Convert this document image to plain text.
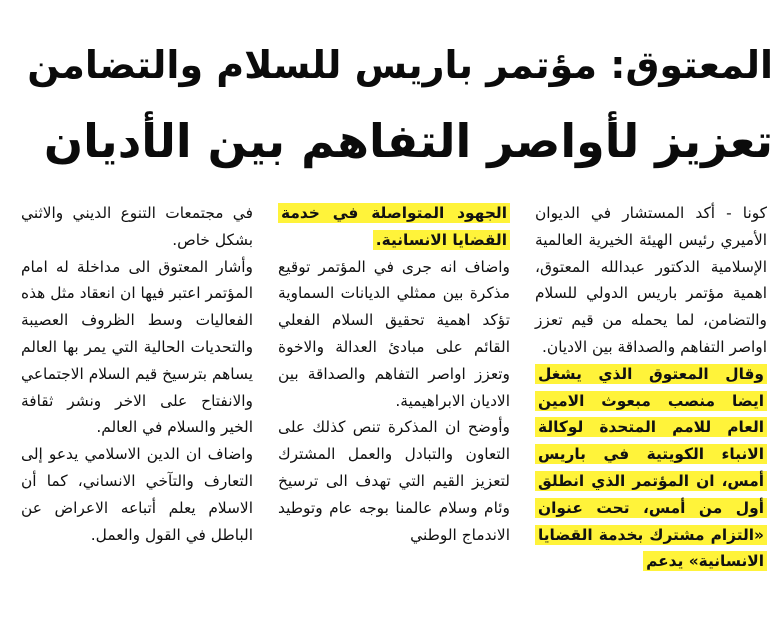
المعتوق: مؤتمر باريس للسلام والتضامن
تعزيز لأواصر التفاهم بين الأديان

كونا - أكد المستشار في الديوان الأميري رئيس الهيئة الخيرية العالمية الإسلامية الدكتور عبدالله المعتوق، اهمية مؤتمر باريس الدولي للسلام والتضامن، لما يحمله من قيم تعزز اواصر التفاهم والصداقة بين الاديان.

وقال المعتوق الذي يشغل ايضا منصب مبعوث الامين العام للامم المتحدة لوكالة الانباء الكويتية في باريس أمس، ان المؤتمر الذي انطلق أول من أمس، تحت عنوان «التزام مشترك بخدمة القضايا الانسانية» يدعم

الجهود المتواصلة في خدمة القضايا الانسانية.

واضاف انه جرى في المؤتمر توقيع مذكرة بين ممثلي الديانات السماوية تؤكد اهمية تحقيق السلام الفعلي القائم على مبادئ العدالة والاخوة وتعزز اواصر التفاهم والصداقة بين الاديان الابراهيمية.

وأوضح ان المذكرة تنص كذلك على التعاون والتبادل والعمل المشترك لتعزيز القيم التي تهدف الى ترسيخ وئام وسلام عالمنا بوجه عام وتوطيد الاندماج الوطني

في مجتمعات التنوع الديني والاثني بشكل خاص.

وأشار المعتوق الى مداخلة له امام المؤتمر اعتبر فيها ان انعقاد مثل هذه الفعاليات وسط الظروف العصيبة والتحديات الحالية التي يمر بها العالم يساهم بترسيخ قيم السلام الاجتماعي والانفتاح على الاخر ونشر ثقافة الخير والسلام في العالم.

واضاف ان الدين الاسلامي يدعو إلى التعارف والتآخي الانساني، كما أن الاسلام يعلم أتباعه الاعراض عن الباطل في القول والعمل.
